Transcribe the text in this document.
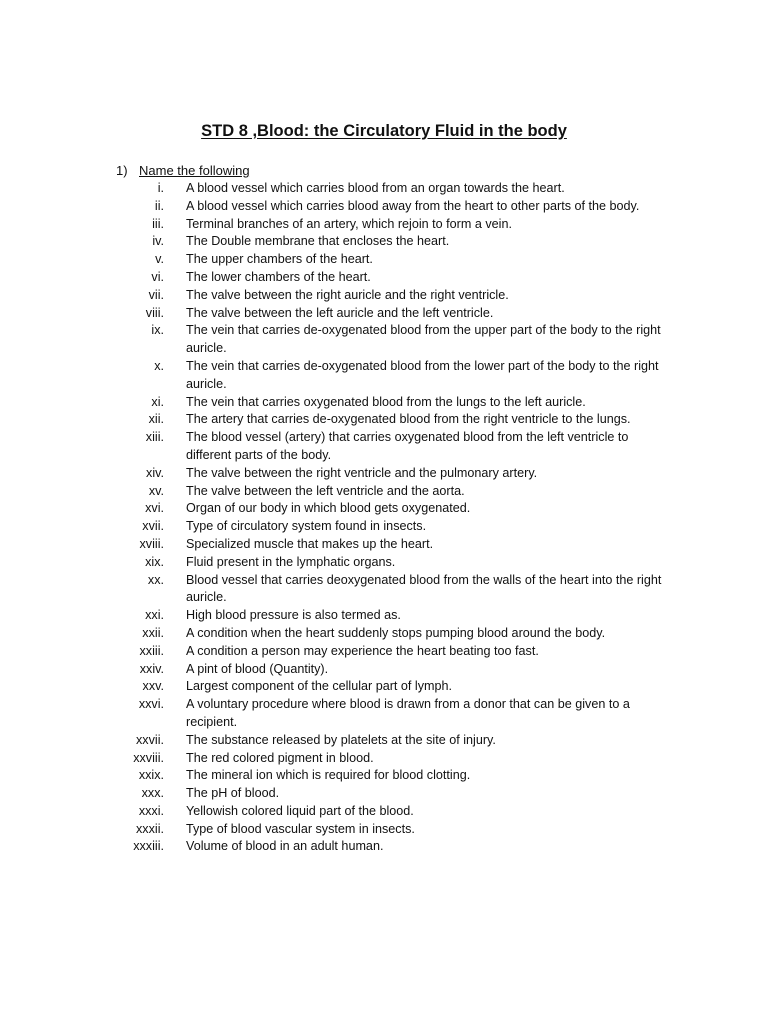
STD 8 ,Blood: the Circulatory Fluid in the body
1) Name the following
i.	A blood vessel which carries blood from an organ towards the heart.
ii.	A blood vessel which carries blood away from the heart to other parts of the body.
iii.	Terminal branches of an artery, which rejoin to form a vein.
iv.	The Double membrane that encloses the heart.
v.	The upper chambers of the heart.
vi.	The lower chambers of the heart.
vii.	The valve between the right auricle and the right ventricle.
viii.	The valve between the left auricle and the left ventricle.
ix.	The vein that carries de-oxygenated blood from the upper part of the body to the right auricle.
x.	The vein that carries de-oxygenated blood from the lower part of the body to the right auricle.
xi.	The vein that carries oxygenated blood from the lungs to the left auricle.
xii.	The artery that carries de-oxygenated blood from the right ventricle to the lungs.
xiii.	The blood vessel (artery) that carries oxygenated blood from the left ventricle to different parts of the body.
xiv.	The valve between the right ventricle and the pulmonary artery.
xv.	The valve between the left ventricle and the aorta.
xvi.	Organ of our body in which blood gets oxygenated.
xvii.	Type of circulatory system found in insects.
xviii.	Specialized muscle that makes up the heart.
xix.	Fluid present in the lymphatic organs.
xx.	Blood vessel that carries deoxygenated blood from the walls of the heart into the right auricle.
xxi.	High blood pressure is also termed as.
xxii.	A condition when the heart suddenly stops pumping blood around the body.
xxiii.	A condition a person may experience the heart beating too fast.
xxiv.	A pint of blood (Quantity).
xxv.	Largest component of the cellular part of lymph.
xxvi.	A voluntary procedure where blood is drawn from a donor that can be given to a recipient.
xxvii.	The substance released by platelets at the site of injury.
xxviii.	The red colored pigment in blood.
xxix.	The mineral ion which is required for blood clotting.
xxx.	The pH of blood.
xxxi.	Yellowish colored liquid part of the blood.
xxxii.	Type of blood vascular system in insects.
xxxiii.	Volume of blood in an adult human.
